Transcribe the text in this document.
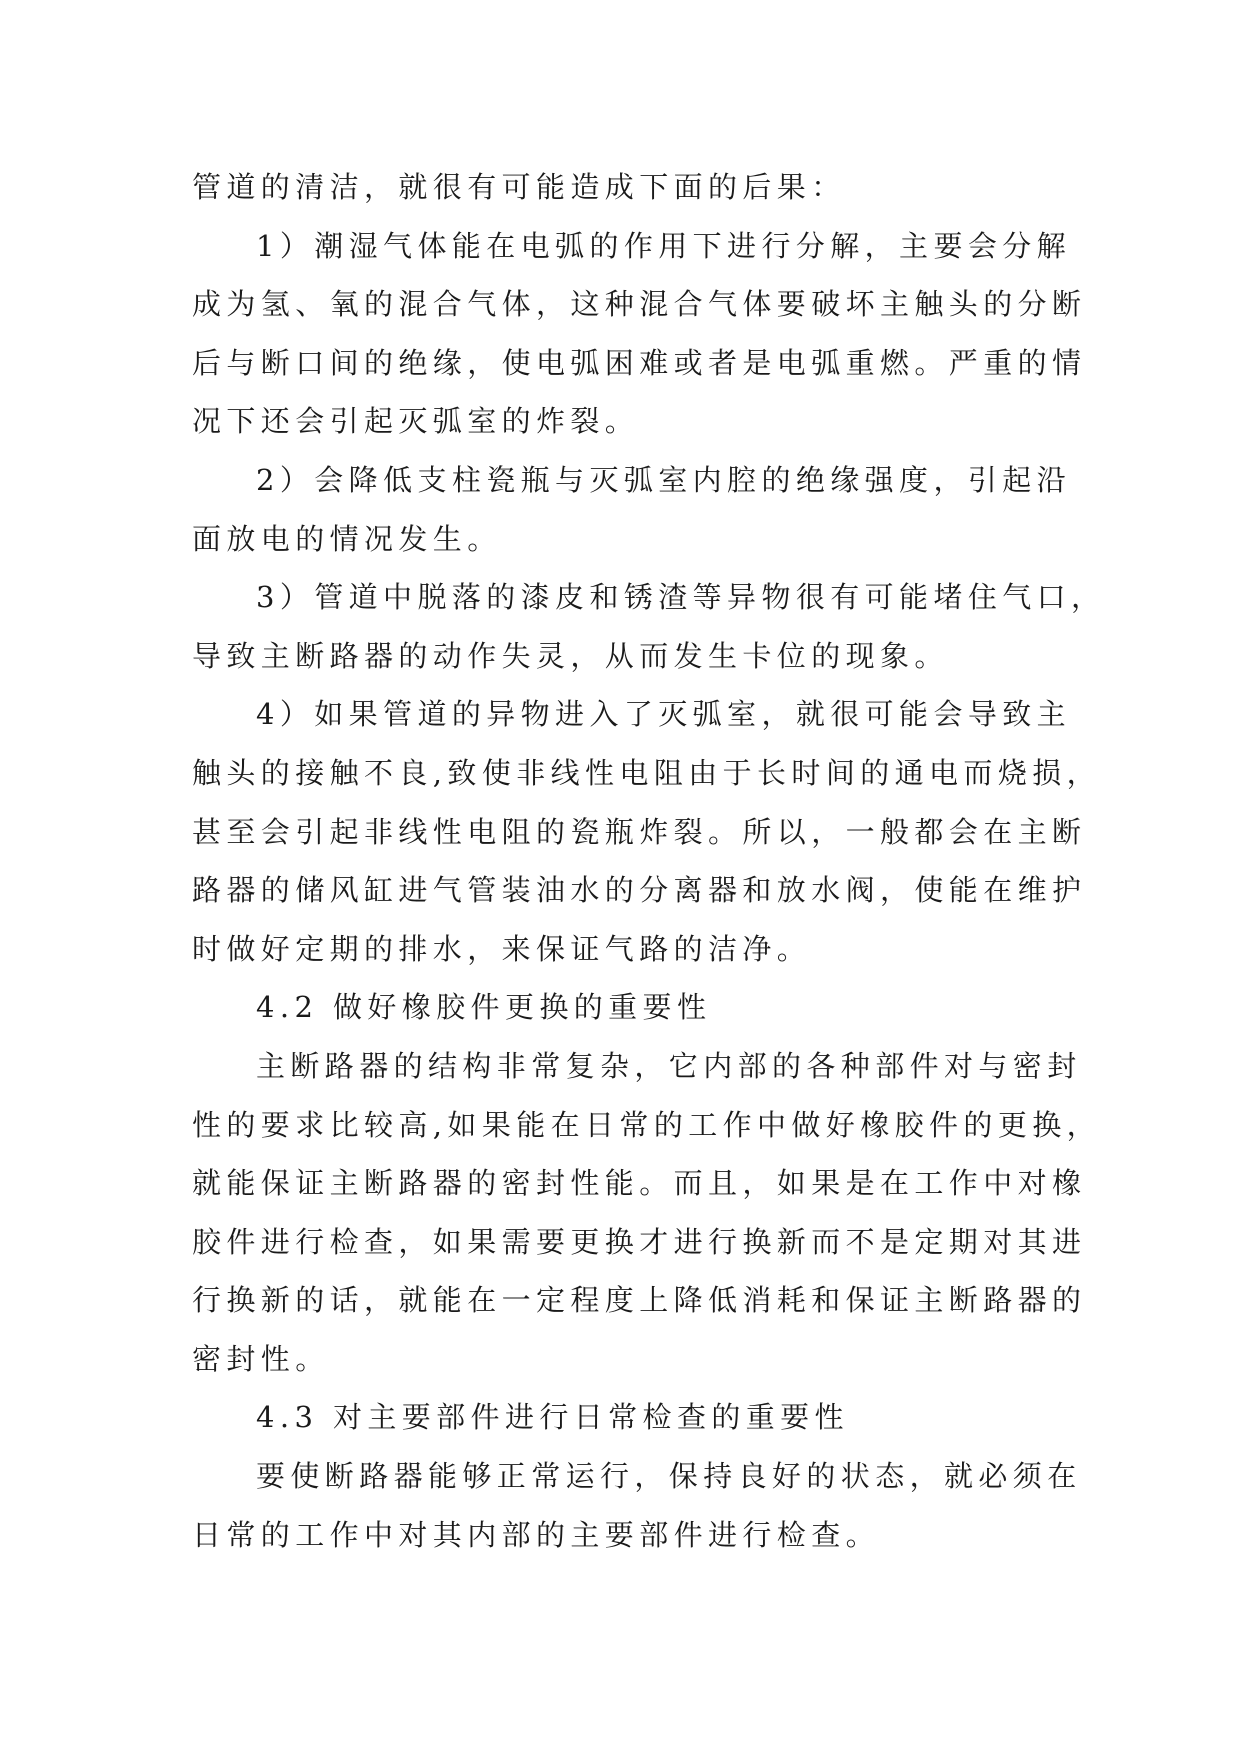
管道的清洁，就很有可能造成下面的后果：

1）潮湿气体能在电弧的作用下进行分解，主要会分解

成为氢、氧的混合气体，这种混合气体要破坏主触头的分断

后与断口间的绝缘，使电弧困难或者是电弧重燃。严重的情

况下还会引起灭弧室的炸裂。

2）会降低支柱瓷瓶与灭弧室内腔的绝缘强度，引起沿

面放电的情况发生。

3）管道中脱落的漆皮和锈渣等异物很有可能堵住气口，

导致主断路器的动作失灵，从而发生卡位的现象。

4）如果管道的异物进入了灭弧室，就很可能会导致主

触头的接触不良,致使非线性电阻由于长时间的通电而烧损，

甚至会引起非线性电阻的瓷瓶炸裂。所以，一般都会在主断

路器的储风缸进气管装油水的分离器和放水阀，使能在维护

时做好定期的排水，来保证气路的洁净。

4.2 做好橡胶件更换的重要性

主断路器的结构非常复杂，它内部的各种部件对与密封

性的要求比较高,如果能在日常的工作中做好橡胶件的更换，

就能保证主断路器的密封性能。而且，如果是在工作中对橡

胶件进行检查，如果需要更换才进行换新而不是定期对其进

行换新的话，就能在一定程度上降低消耗和保证主断路器的

密封性。

4.3 对主要部件进行日常检查的重要性

要使断路器能够正常运行，保持良好的状态，就必须在

日常的工作中对其内部的主要部件进行检查。
